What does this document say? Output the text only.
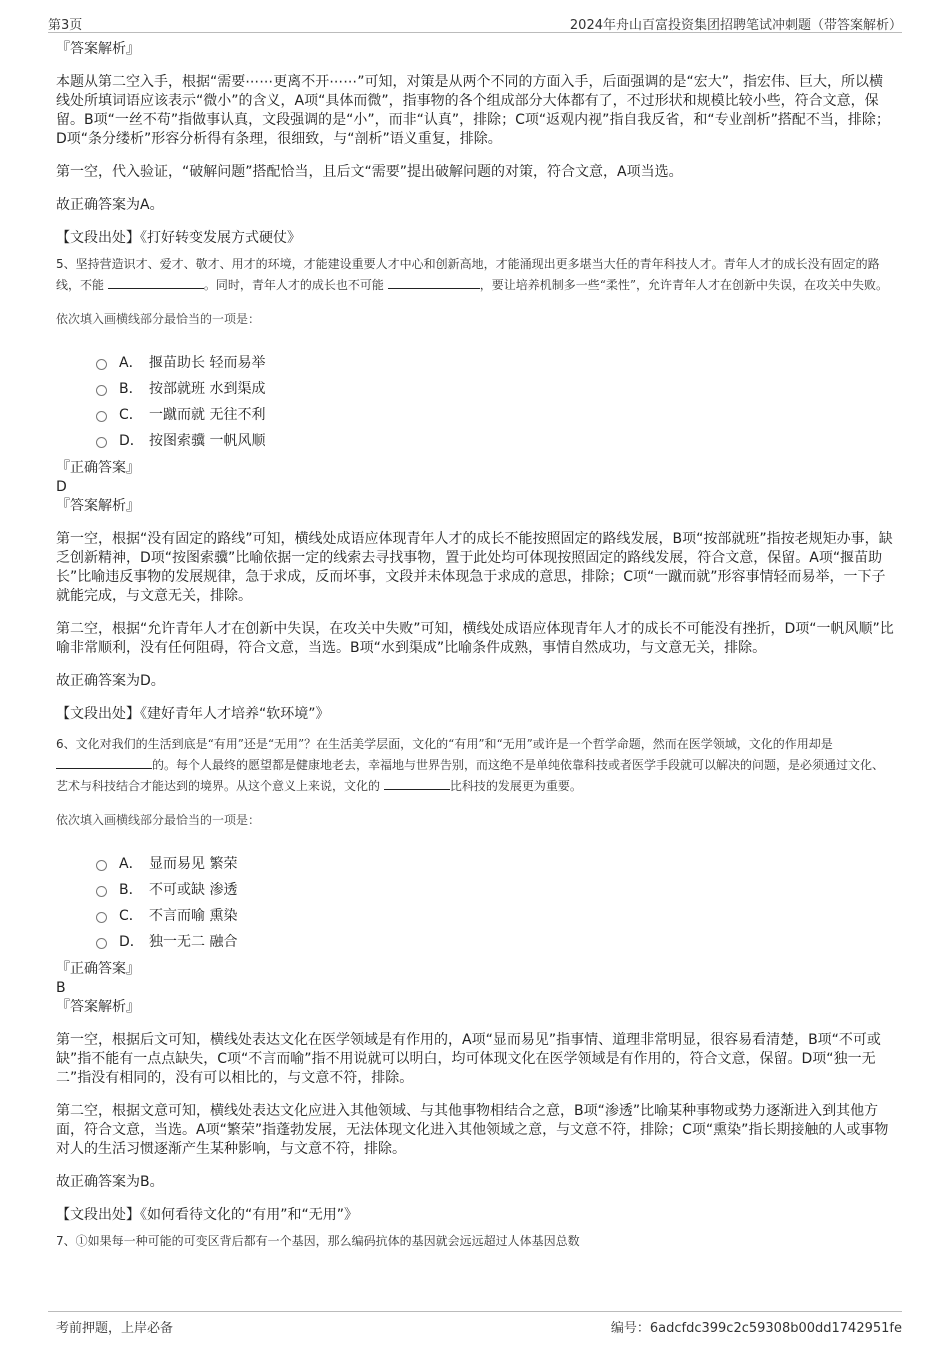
第3页	2024年舟山百富投资集团招聘笔试冲刺题（带答案解析）
『答案解析』
本题从第二空入手，根据“需要⋯⋯更离不开⋯⋯”可知，对策是从两个不同的方面入手，后面强调的是“宏大”，指宏伟、巨大，所以横线处所填词语应该表示“微小”的含义，A项“具体而微”，指事物的各个组成部分大体都有了，不过形状和规模比较小些，符合文意，保留。B项“一丝不苟”指做事认真，文段强调的是“小”，而非“认真”，排除；C项“返观内视”指自我反省，和“专业剖析”搭配不当，排除；D项“条分缕析”形容分析得有条理，很细致，与“剖析”语义重复，排除。
第一空，代入验证，“破解问题”搭配恰当，且后文“需要”提出破解问题的对策，符合文意，A项当选。
故正确答案为A。
【文段出处】《打好转变发展方式硬仗》
5、坚持营造识才、爱才、敬才、用才的环境，才能建设重要人才中心和创新高地，才能涌现出更多堪当大任的青年科技人才。青年人才的成长没有固定的路线，不能	。同时，青年人才的成长也不可能	，要让培养机制多一些“柔性”，允许青年人才在创新中失误，在攻关中失败。
依次填入画横线部分最恰当的一项是：
A． 揠苗助长 轻而易举
B． 按部就班 水到渠成
C． 一蹴而就 无往不利
D． 按图索骥 一帆风顺
『正确答案』
D
『答案解析』
第一空，根据“没有固定的路线”可知，横线处成语应体现青年人才的成长不能按照固定的路线发展，B项“按部就班”指按老规矩办事，缺乏创新精神，D项“按图索骥”比喻依据一定的线索去寻找事物，置于此处均可体现按照固定的路线发展，符合文意，保留。A项“揠苗助长”比喻违反事物的发展规律，急于求成，反而坏事，文段并未体现急于求成的意思，排除；C项“一蹴而就”形容事情轻而易举，一下子就能完成，与文意无关，排除。
第二空，根据“允许青年人才在创新中失误，在攻关中失败”可知，横线处成语应体现青年人才的成长不可能没有挫折，D项“一帆风顺”比喻非常顺利，没有任何阻碍，符合文意，当选。B项“水到渠成”比喻条件成熟，事情自然成功，与文意无关，排除。
故正确答案为D。
【文段出处】《建好青年人才培养“软环境”》
6、文化对我们的生活到底是“有用”还是“无用”？在生活美学层面，文化的“有用”和“无用”或许是一个哲学命题，然而在医学领域，文化的作用却是 的。每个人最终的愿望都是健康地老去，幸福地与世界告别，而这绝不是单纯依靠科技或者医学手段就可以解决的问题，是必须通过文化、艺术与科技结合才能达到的境界。从这个意义上来说，文化的	比科技的发展更为重要。
依次填入画横线部分最恰当的一项是：
A． 显而易见 繁荣
B． 不可或缺 渗透
C． 不言而喻 熏染
D． 独一无二 融合
『正确答案』
B
『答案解析』
第一空，根据后文可知，横线处表达文化在医学领域是有作用的，A项“显而易见”指事情、道理非常明显，很容易看清楚，B项“不可或缺”指不能有一点点缺失，C项“不言而喻”指不用说就可以明白，均可体现文化在医学领域是有作用的，符合文意，保留。D项“独一无二”指没有相同的，没有可以相比的，与文意不符，排除。
第二空，根据文意可知，横线处表达文化应进入其他领域、与其他事物相结合之意，B项“渗透”比喻某种事物或势力逐渐进入到其他方面，符合文意，当选。A项“繁荣”指蓬勃发展，无法体现文化进入其他领域之意，与文意不符，排除；C项“熏染”指长期接触的人或事物对人的生活习惯逐渐产生某种影响，与文意不符，排除。
故正确答案为B。
【文段出处】《如何看待文化的“有用”和“无用”》
7、①如果每一种可能的可变区背后都有一个基因，那么编码抗体的基因就会远远超过人体基因总数
考前押题，上岸必备	编号：6adcfdc399c2c59308b00dd1742951fe
